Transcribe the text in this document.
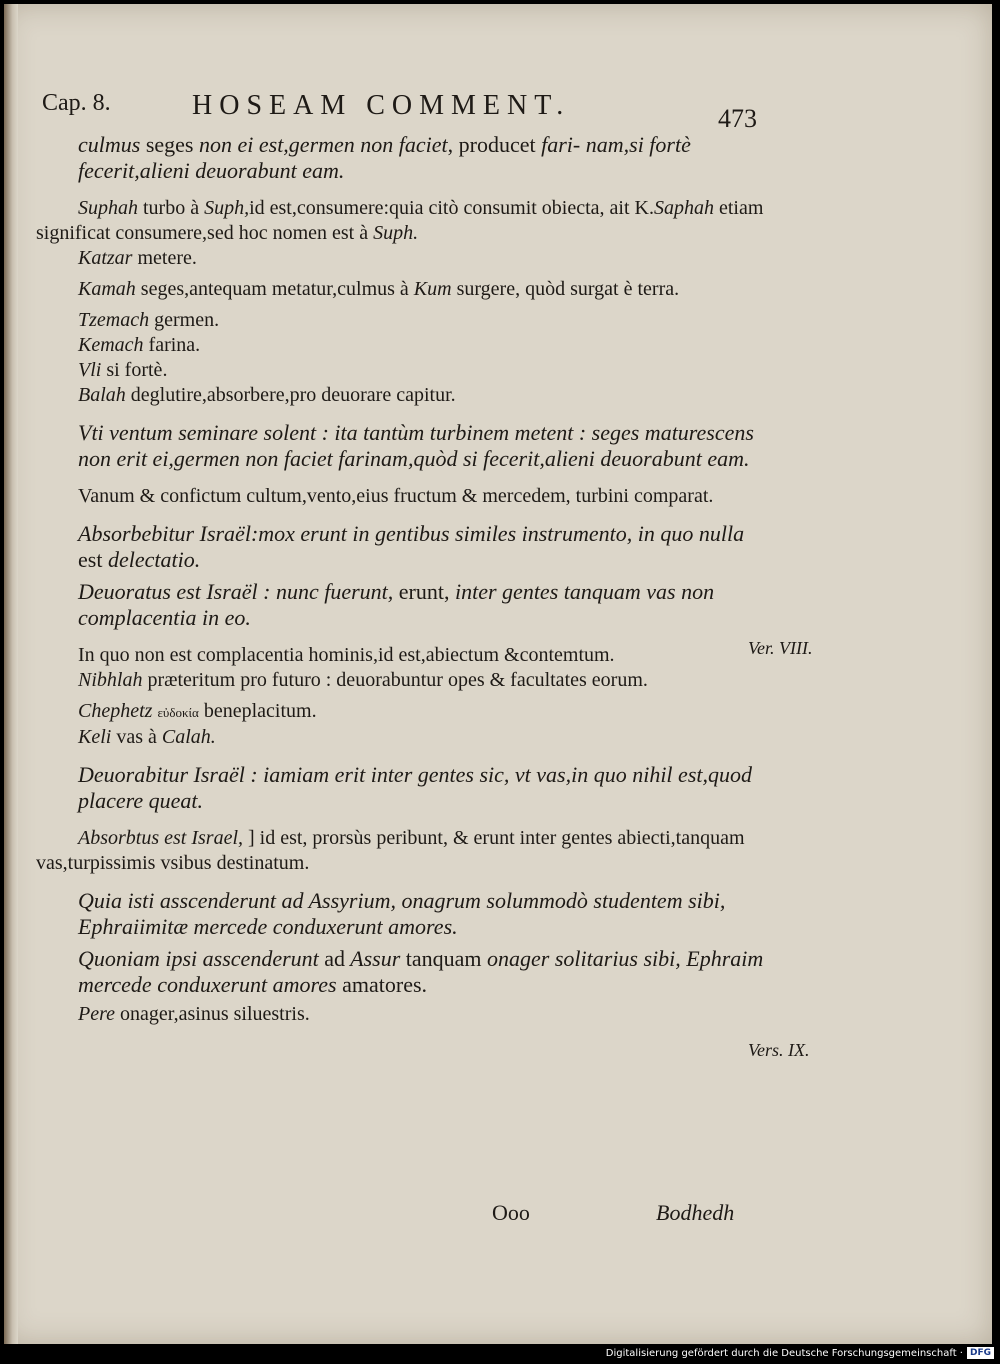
Cap. 8.	HOSEAM COMMENT.	473

culmus seges non ei est,germen non faciet, producet fari- nam,si fortè fecerit,alieni deuorabunt eam.

Suphah turbo à Suph,id est,consumere:quia citò consumit obiecta, ait K.Saphah etiam significat consumere,sed hoc nomen est à Suph.

Katzar metere.

Kamah seges,antequam metatur,culmus à Kum surgere, quòd surgat è terra.

Tzemach germen.

Kemach farina.

Vli si fortè.

Balah deglutire,absorbere,pro deuorare capitur.

Vti ventum seminare solent : ita tantùm turbinem metent : seges maturescens non erit ei,germen non faciet farinam,quòd si fecerit,alieni deuorabunt eam.

Vanum & confictum cultum,vento,eius fructum & mercedem, turbini comparat.

Absorbebitur Israël:mox erunt in gentibus similes instrumento, in quo nulla est delectatio.

Deuoratus est Israël : nunc fuerunt, erunt, inter gentes tanquam vas non complacentia in eo.

In quo non est complacentia hominis,id est,abiectum &contemtum.

Nibhlah præteritum pro futuro : deuorabuntur opes & facultates eorum.

Chephetz εὐδοκία beneplacitum.

Keli vas à Calah.

Deuorabitur Israël : iamiam erit inter gentes sic, vt vas,in quo nihil est,quod placere queat.

Absorbtus est Israel, ] id est, prorsùs peribunt, & erunt inter gentes abiecti,tanquam vas,turpissimis vsibus destinatum.

Quia isti asscenderunt ad Assyrium, onagrum solummodò studentem sibi, Ephraiimitæ mercede conduxerunt amores.

Quoniam ipsi asscenderunt ad Assur tanquam onager solitarius sibi, Ephraim mercede conduxerunt amores amatores.

Pere onager,asinus siluestris.

Ver. VIII.
Vers. IX.
Ooo	Bodhedh
Digitalisierung gefördert durch die Deutsche Forschungsgemeinschaft · DFG
